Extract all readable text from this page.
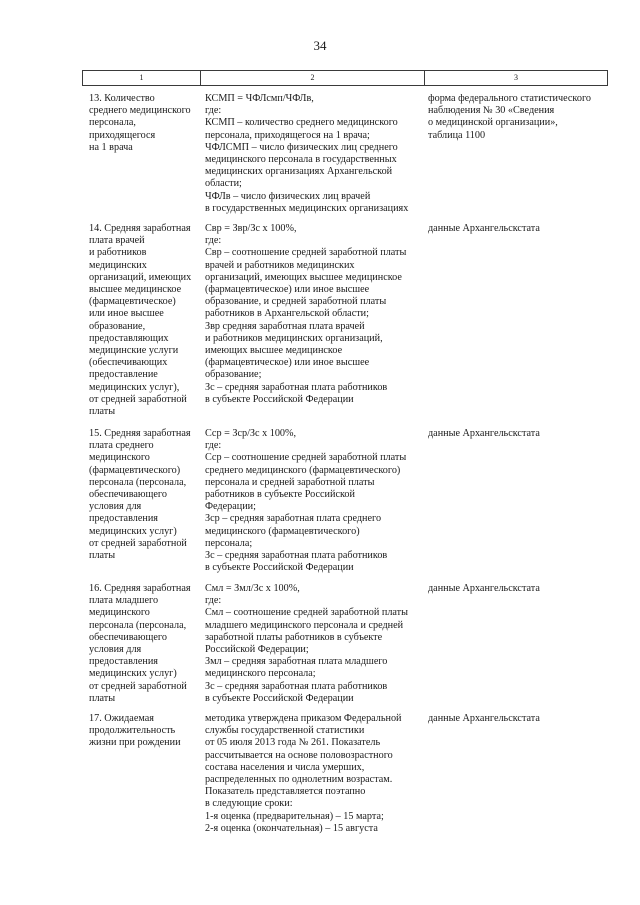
34
1	2	3
13. Количество
среднего медицинского
персонала,
приходящегося
на 1 врача
КСМП = ЧФЛсмп/ЧФЛв,
где:
КСМП – количество среднего медицинского
персонала, приходящегося на 1 врача;
ЧФЛСМП – число физических лиц среднего
медицинского персонала в государственных
медицинских организациях Архангельской
области;
ЧФЛв – число физических лиц врачей
в государственных медицинских организациях
форма федерального статистического
наблюдения № 30 «Сведения
о медицинской организации»,
таблица 1100
14. Средняя заработная
плата врачей
и работников
медицинских
организаций, имеющих
высшее медицинское
(фармацевтическое)
или иное высшее
образование,
предоставляющих
медицинские услуги
(обеспечивающих
предоставление
медицинских услуг),
от средней заработной
платы
Свр = Звр/Зс x 100%,
где:
Свр – соотношение средней заработной платы
врачей и работников медицинских
организаций, имеющих высшее медицинское
(фармацевтическое) или иное высшее
образование, и средней заработной платы
работников в Архангельской области;
Звр средняя заработная плата врачей
и работников медицинских организаций,
имеющих высшее медицинское
(фармацевтическое) или иное высшее
образование;
Зс – средняя заработная плата работников
в субъекте Российской Федерации
данные Архангельскстата
15. Средняя заработная
плата среднего
медицинского
(фармацевтического)
персонала (персонала,
обеспечивающего
условия для
предоставления
медицинских услуг)
от средней заработной
платы
Сср = Зср/Зс x 100%,
где:
Сср – соотношение средней заработной платы
среднего медицинского (фармацевтического)
персонала и средней заработной платы
работников в субъекте Российской
Федерации;
Зср – средняя заработная плата среднего
медицинского (фармацевтического)
персонала;
Зс – средняя заработная плата работников
в субъекте Российской Федерации
данные Архангельскстата
16. Средняя заработная
плата младшего
медицинского
персонала (персонала,
обеспечивающего
условия для
предоставления
медицинских услуг)
от средней заработной
платы
Смл = Змл/Зс x 100%,
где:
Смл – соотношение средней заработной платы
младшего медицинского персонала и средней
заработной платы работников в субъекте
Российской Федерации;
Змл – средняя заработная плата младшего
медицинского персонала;
Зс – средняя заработная плата работников
в субъекте Российской Федерации
данные Архангельскстата
17. Ожидаемая
продолжительность
жизни при рождении
методика утверждена приказом Федеральной
службы государственной статистики
от 05 июля 2013 года № 261. Показатель
рассчитывается на основе половозрастного
состава населения и числа умерших,
распределенных по однолетним возрастам.
Показатель представляется поэтапно
в следующие сроки:
1-я оценка (предварительная) – 15 марта;
2-я оценка (окончательная) – 15 августа
данные Архангельскстата
